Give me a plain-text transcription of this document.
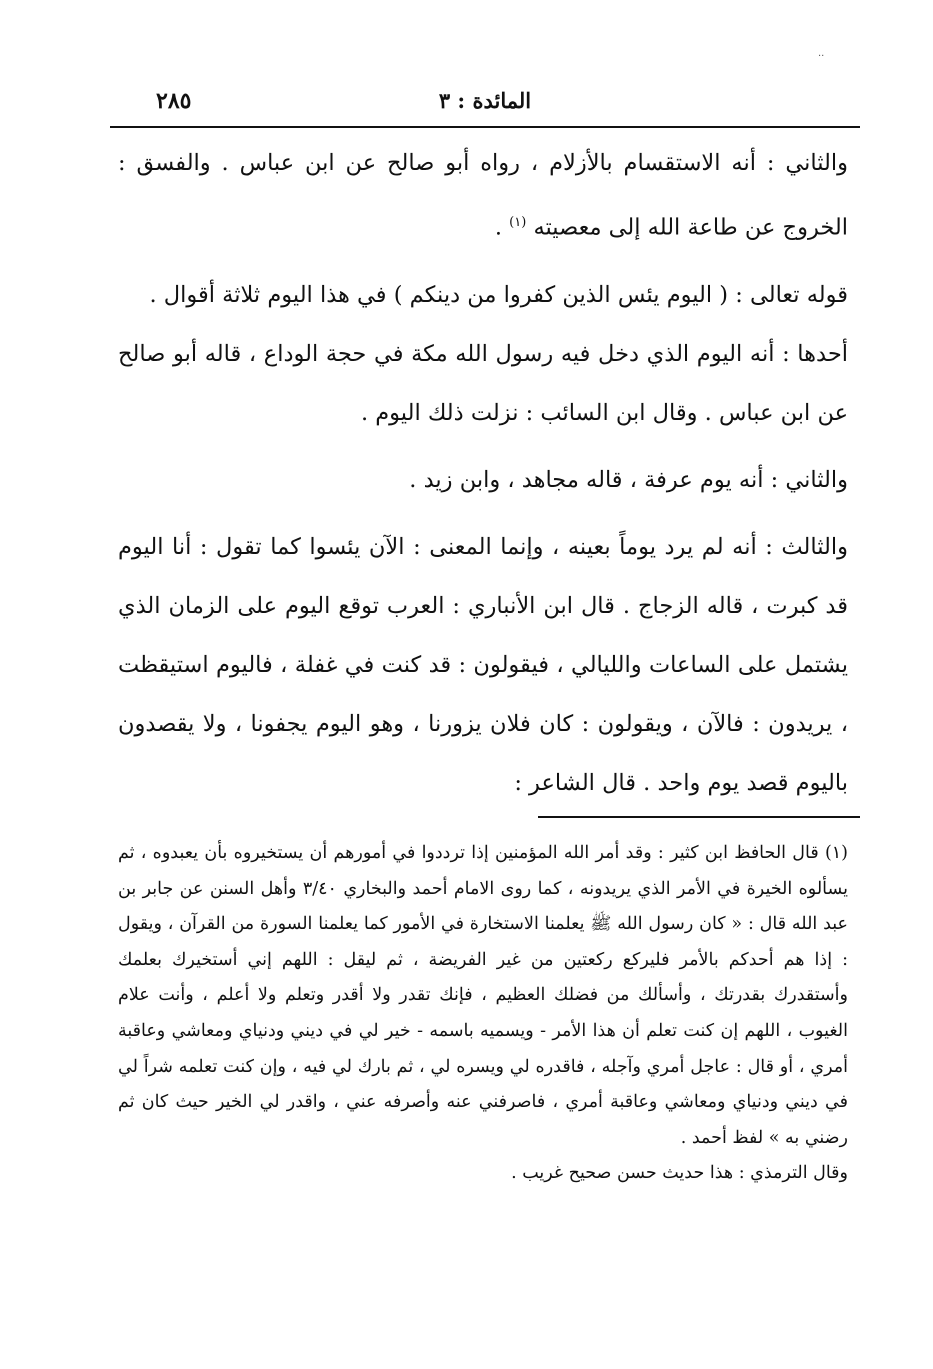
..
المائدة : ٣
٢٨٥

والثاني : أنه الاستقسام بالأزلام ، رواه أبو صالح عن ابن عباس . والفسق : الخروج عن طاعة الله إلى معصيته $^{(١)}$ .

قوله تعالى : ( اليوم يئس الذين كفروا من دينكم ) في هذا اليوم ثلاثة أقوال .

أحدها : أنه اليوم الذي دخل فيه رسول الله مكة في حجة الوداع ، قاله أبو صالح عن ابن عباس . وقال ابن السائب : نزلت ذلك اليوم .

والثاني : أنه يوم عرفة ، قاله مجاهد ، وابن زيد .

والثالث : أنه لم يرد يوماً بعينه ، وإنما المعنى : الآن يئسوا كما تقول : أنا اليوم قد كبرت ، قاله الزجاج . قال ابن الأنباري : العرب توقع اليوم على الزمان الذي يشتمل على الساعات والليالي ، فيقولون : قد كنت في غفلة ، فاليوم استيقظت ، يريدون : فالآن ، ويقولون : كان فلان يزورنا ، وهو اليوم يجفونا ، ولا يقصدون باليوم قصد يوم واحد . قال الشاعر :

(١) قال الحافظ ابن كثير : وقد أمر الله المؤمنين إذا ترددوا في أمورهم أن يستخيروه بأن يعبدوه ، ثم يسألوه الخيرة في الأمر الذي يريدونه ، كما روى الامام أحمد والبخاري ٣/٤٠ وأهل السنن عن جابر بن عبد الله قال : « كان رسول الله ﷺ يعلمنا الاستخارة في الأمور كما يعلمنا السورة من القرآن ، ويقول : إذا هم أحدكم بالأمر فليركع ركعتين من غير الفريضة ، ثم ليقل : اللهم إني أستخيرك بعلمك وأستقدرك بقدرتك ، وأسألك من فضلك العظيم ، فإنك تقدر ولا أقدر وتعلم ولا أعلم ، وأنت علام الغيوب ، اللهم إن كنت تعلم أن هذا الأمر - ويسميه باسمه - خير لي في ديني ودنياي ومعاشي وعاقبة أمري ، أو قال : عاجل أمري وآجله ، فاقدره لي ويسره لي ، ثم بارك لي فيه ، وإن كنت تعلمه شراً لي في ديني ودنياي ومعاشي وعاقبة أمري ، فاصرفني عنه وأصرفه عني ، واقدر لي الخير حيث كان ثم رضني به » لفظ أحمد .

وقال الترمذي : هذا حديث حسن صحيح غريب .
